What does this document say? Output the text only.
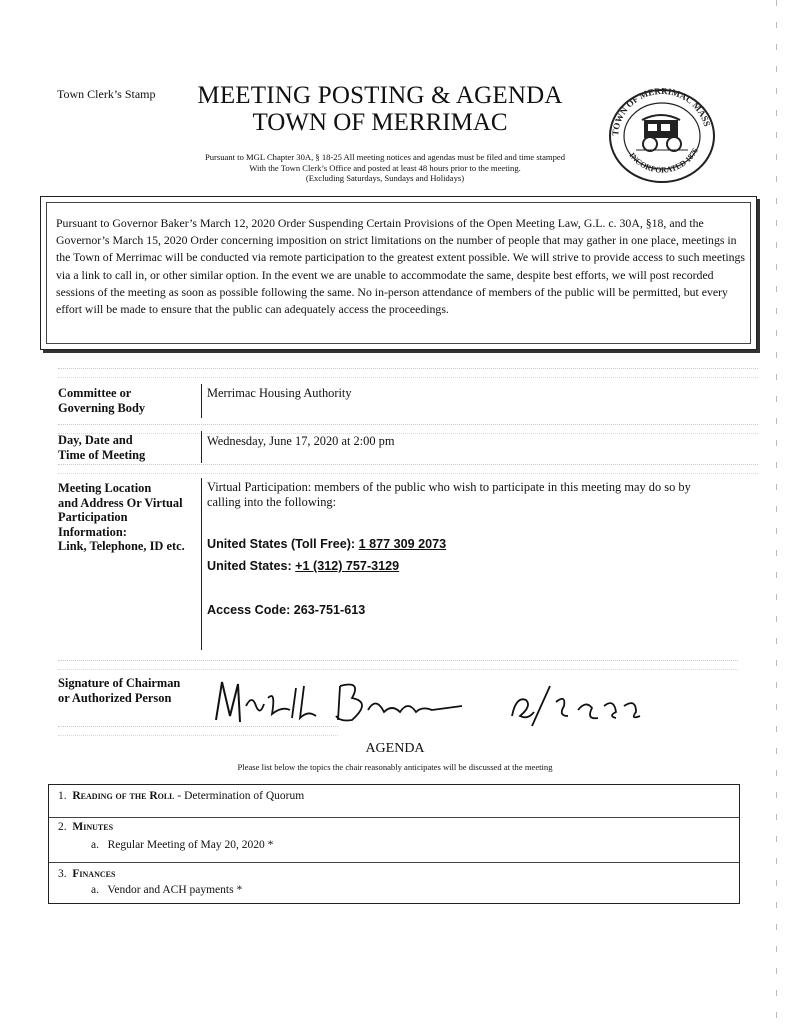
Town Clerk’s Stamp	MEETING POSTING & AGENDA
TOWN OF MERRIMAC
Pursuant to MGL Chapter 30A, § 18-25 All meeting notices and agendas must be filed and time stamped
With the Town Clerk’s Office and posted at least 48 hours prior to the meeting.
(Excluding Saturdays, Sundays and Holidays)
TOWN OF MERRIMAC MASS
INCORPORATED 1876
Pursuant to Governor Baker’s March 12, 2020 Order Suspending Certain Provisions of the Open Meeting Law, G.L. c. 30A, §18, and the Governor’s March 15, 2020 Order concerning imposition on strict limitations on the number of people that may gather in one place, meetings in the Town of Merrimac will be conducted via remote participation to the greatest extent possible. We will strive to provide access to such meetings via a link to call in, or other similar option. In the event we are unable to accommodate the same, despite best efforts, we will post recorded sessions of the meeting as soon as possible following the same. No in-person attendance of members of the public will be permitted, but every effort will be made to ensure that the public can adequately access the proceedings.
Committee or
Governing Body
Merrimac Housing Authority
Day, Date and
Time of Meeting
Wednesday, June 17, 2020 at 2:00 pm
Meeting Location
and Address Or Virtual
Participation
Information:
Link, Telephone, ID etc.
Virtual Participation: members of the public who wish to participate in this meeting may do so by
calling into the following:
United States (Toll Free): 1 877 309 2073
United States: +1 (312) 757-3129
Access Code: 263-751-613
Signature of Chairman
or Authorized Person
AGENDA
Please list below the topics the chair reasonably anticipates will be discussed at the meeting
1. Reading of the Roll - Determination of Quorum
2. Minutes
a. Regular Meeting of May 20, 2020 *
3. Finances
a. Vendor and ACH payments *
